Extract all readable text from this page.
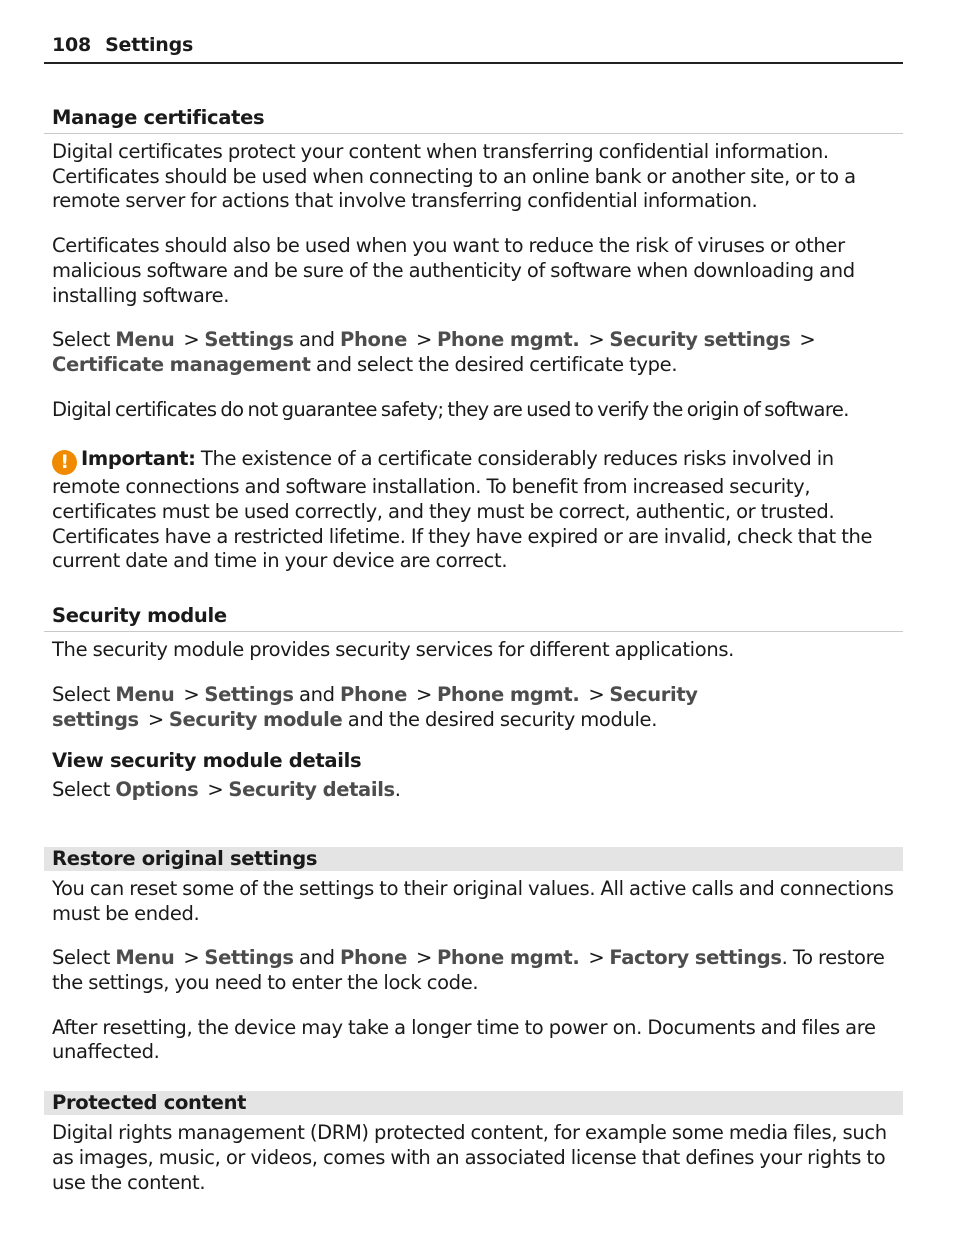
108 Settings
Manage certificates

Digital certificates protect your content when transferring confidential information. Certificates should be used when connecting to an online bank or another site, or to a remote server for actions that involve transferring confidential information.

Certificates should also be used when you want to reduce the risk of viruses or other malicious software and be sure of the authenticity of software when downloading and installing software.

Select Menu > Settings and Phone > Phone mgmt. > Security settings >
Certificate management and select the desired certificate type.

Digital certificates do not guarantee safety; they are used to verify the origin of software.

! Important: The existence of a certificate considerably reduces risks involved in remote connections and software installation. To benefit from increased security, certificates must be used correctly, and they must be correct, authentic, or trusted. Certificates have a restricted lifetime. If they have expired or are invalid, check that the current date and time in your device are correct.

Security module

The security module provides security services for different applications.

Select Menu > Settings and Phone > Phone mgmt. > Security settings > Security module and the desired security module.

View security module details

Select Options > Security details.

Restore original settings

You can reset some of the settings to their original values. All active calls and connections must be ended.

Select Menu > Settings and Phone > Phone mgmt. > Factory settings. To restore the settings, you need to enter the lock code.

After resetting, the device may take a longer time to power on. Documents and files are unaffected.

Protected content

Digital rights management (DRM) protected content, for example some media files, such as images, music, or videos, comes with an associated license that defines your rights to use the content.
